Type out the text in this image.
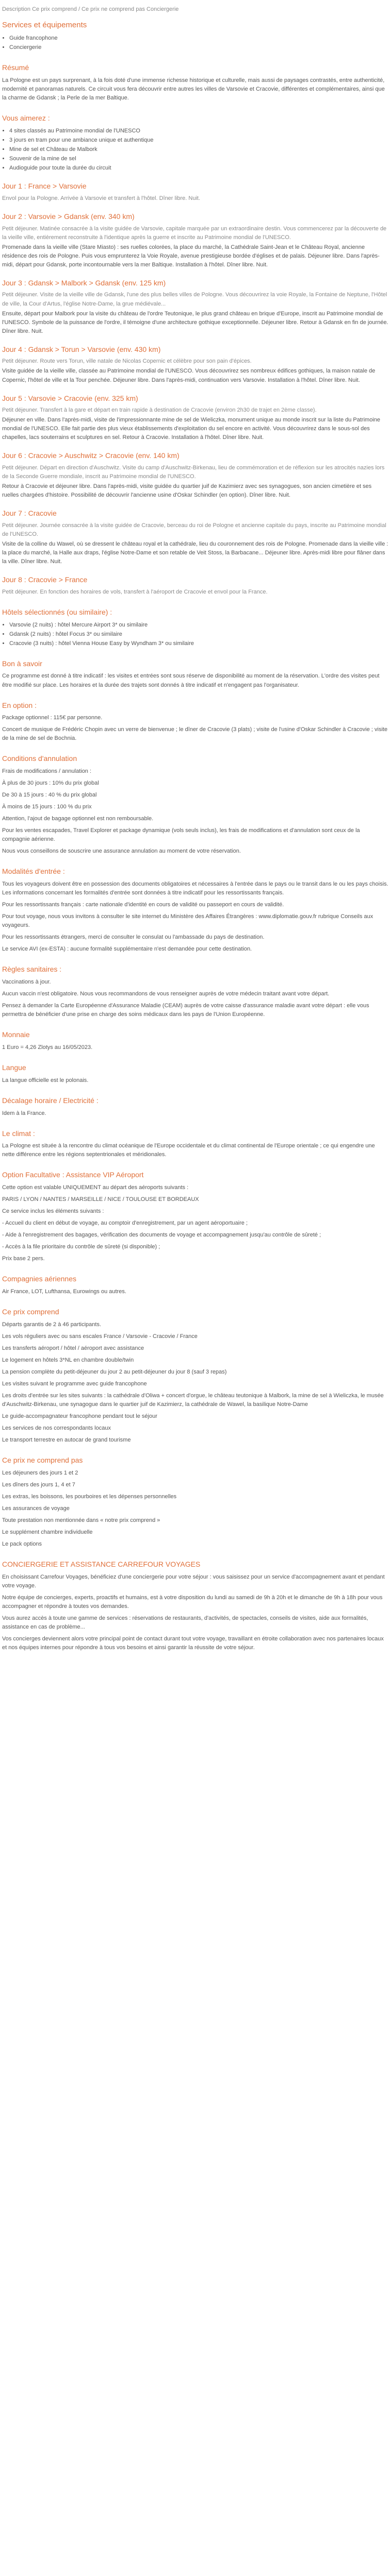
Description Ce prix comprend / Ce prix ne comprend pas Conciergerie
Services et équipements
• Guide francophone
• Conciergerie
Résumé

La Pologne est un pays surprenant, à la fois doté d'une immense richesse historique et culturelle, mais aussi de paysages contrastés, entre authenticité, modernité et panoramas naturels. Ce circuit vous fera découvrir entre autres les villes de Varsovie et Cracovie, différentes et complémentaires, ainsi que la charme de Gdansk ; la Perle de la mer Baltique.

Vous aimerez :
• 4 sites classés au Patrimoine mondial de l'UNESCO
• 3 jours en tram pour une ambiance unique et authentique
• Mine de sel et Château de Malbork
• Souvenir de la mine de sel
• Audioguide pour toute la durée du circuit
Jour 1 : France > Varsovie

Envol pour la Pologne. Arrivée à Varsovie et transfert à l'hôtel. Dîner libre. Nuit.

Jour 2 : Varsovie > Gdansk (env. 340 km)

Petit déjeuner. Matinée consacrée à la visite guidée de Varsovie, capitale marquée par un extraordinaire destin. Vous commencerez par la découverte de la vieille ville, entièrement reconstruite à l'identique après la guerre et inscrite au Patrimoine mondial de l'UNESCO.

Promenade dans la vieille ville (Stare Miasto) : ses ruelles colorées, la place du marché, la Cathédrale Saint-Jean et le Château Royal, ancienne résidence des rois de Pologne. Puis vous emprunterez la Voie Royale, avenue prestigieuse bordée d'églises et de palais. Déjeuner libre. Dans l'après-midi, départ pour Gdansk, porte incontournable vers la mer Baltique. Installation à l'hôtel. Dîner libre. Nuit.

Jour 3 : Gdansk > Malbork > Gdansk (env. 125 km)

Petit déjeuner. Visite de la vieille ville de Gdansk, l'une des plus belles villes de Pologne. Vous découvrirez la voie Royale, la Fontaine de Neptune, l'Hôtel de ville, la Cour d'Artus, l'église Notre-Dame, la grue médiévale...

Ensuite, départ pour Malbork pour la visite du château de l'ordre Teutonique, le plus grand château en brique d'Europe, inscrit au Patrimoine mondial de l'UNESCO. Symbole de la puissance de l'ordre, il témoigne d'une architecture gothique exceptionnelle. Déjeuner libre. Retour à Gdansk en fin de journée. Dîner libre. Nuit.

Jour 4 : Gdansk > Torun > Varsovie (env. 430 km)

Petit déjeuner. Route vers Torun, ville natale de Nicolas Copernic et célèbre pour son pain d'épices.

Visite guidée de la vieille ville, classée au Patrimoine mondial de l'UNESCO. Vous découvrirez ses nombreux édifices gothiques, la maison natale de Copernic, l'hôtel de ville et la Tour penchée. Déjeuner libre. Dans l'après-midi, continuation vers Varsovie. Installation à l'hôtel. Dîner libre. Nuit.

Jour 5 : Varsovie > Cracovie (env. 325 km)

Petit déjeuner. Transfert à la gare et départ en train rapide à destination de Cracovie (environ 2h30 de trajet en 2ème classe).

Déjeuner en ville. Dans l'après-midi, visite de l'impressionnante mine de sel de Wieliczka, monument unique au monde inscrit sur la liste du Patrimoine mondial de l'UNESCO. Elle fait partie des plus vieux établissements d'exploitation du sel encore en activité. Vous découvrirez dans le sous-sol des chapelles, lacs souterrains et sculptures en sel. Retour à Cracovie. Installation à l'hôtel. Dîner libre. Nuit.

Jour 6 : Cracovie > Auschwitz > Cracovie (env. 140 km)

Petit déjeuner. Départ en direction d'Auschwitz. Visite du camp d'Auschwitz-Birkenau, lieu de commémoration et de réflexion sur les atrocités nazies lors de la Seconde Guerre mondiale, inscrit au Patrimoine mondial de l'UNESCO.

Retour à Cracovie et déjeuner libre. Dans l'après-midi, visite guidée du quartier juif de Kazimierz avec ses synagogues, son ancien cimetière et ses ruelles chargées d'histoire. Possibilité de découvrir l'ancienne usine d'Oskar Schindler (en option). Dîner libre. Nuit.

Jour 7 : Cracovie

Petit déjeuner. Journée consacrée à la visite guidée de Cracovie, berceau du roi de Pologne et ancienne capitale du pays, inscrite au Patrimoine mondial de l'UNESCO.

Visite de la colline du Wawel, où se dressent le château royal et la cathédrale, lieu du couronnement des rois de Pologne. Promenade dans la vieille ville : la place du marché, la Halle aux draps, l'église Notre-Dame et son retable de Veit Stoss, la Barbacane... Déjeuner libre. Après-midi libre pour flâner dans la ville. Dîner libre. Nuit.

Jour 8 : Cracovie > France

Petit déjeuner. En fonction des horaires de vols, transfert à l'aéroport de Cracovie et envol pour la France.

Hôtels sélectionnés (ou similaire) :
• Varsovie (2 nuits) : hôtel Mercure Airport 3* ou similaire
• Gdansk (2 nuits) : hôtel Focus 3* ou similaire
• Cracovie (3 nuits) : hôtel Vienna House Easy by Wyndham 3* ou similaire
Bon à savoir

Ce programme est donné à titre indicatif : les visites et entrées sont sous réserve de disponibilité au moment de la réservation. L'ordre des visites peut être modifié sur place. Les horaires et la durée des trajets sont donnés à titre indicatif et n'engagent pas l'organisateur.

En option :

Package optionnel : 115€ par personne.

Concert de musique de Frédéric Chopin avec un verre de bienvenue ; le dîner de Cracovie (3 plats) ; visite de l'usine d'Oskar Schindler à Cracovie ; visite de la mine de sel de Bochnia.

Conditions d'annulation

Frais de modifications / annulation :

À plus de 30 jours : 10% du prix global

De 30 à 15 jours : 40 % du prix global

À moins de 15 jours : 100 % du prix

Attention, l'ajout de bagage optionnel est non remboursable.

Pour les ventes escapades, Travel Explorer et package dynamique (vols seuls inclus), les frais de modifications et d'annulation sont ceux de la compagnie aérienne.

Nous vous conseillons de souscrire une assurance annulation au moment de votre réservation.

Modalités d'entrée :

Tous les voyageurs doivent être en possession des documents obligatoires et nécessaires à l'entrée dans le pays ou le transit dans le ou les pays choisis. Les informations concernant les formalités d'entrée sont données à titre indicatif pour les ressortissants français.

Pour les ressortissants français : carte nationale d'identité en cours de validité ou passeport en cours de validité.

Pour tout voyage, nous vous invitons à consulter le site internet du Ministère des Affaires Étrangères : www.diplomatie.gouv.fr rubrique Conseils aux voyageurs.

Pour les ressortissants étrangers, merci de consulter le consulat ou l'ambassade du pays de destination.

Le service AVI (ex-ESTA) : aucune formalité supplémentaire n'est demandée pour cette destination.

Règles sanitaires :

Vaccinations à jour.

Aucun vaccin n'est obligatoire. Nous vous recommandons de vous renseigner auprès de votre médecin traitant avant votre départ.

Pensez à demander la Carte Européenne d'Assurance Maladie (CEAM) auprès de votre caisse d'assurance maladie avant votre départ : elle vous permettra de bénéficier d'une prise en charge des soins médicaux dans les pays de l'Union Européenne.

Monnaie

1 Euro = 4,26 Zlotys au 16/05/2023.

Langue

La langue officielle est le polonais.

Décalage horaire / Electricité :

Idem à la France.

Le climat :

La Pologne est située à la rencontre du climat océanique de l'Europe occidentale et du climat continental de l'Europe orientale ; ce qui engendre une nette différence entre les régions septentrionales et méridionales.

Option Facultative : Assistance VIP Aéroport

Cette option est valable UNIQUEMENT au départ des aéroports suivants :

PARIS / LYON / NANTES / MARSEILLE / NICE / TOULOUSE ET BORDEAUX

Ce service inclus les éléments suivants :

- Accueil du client en début de voyage, au comptoir d'enregistrement, par un agent aéroportuaire ;

- Aide à l'enregistrement des bagages, vérification des documents de voyage et accompagnement jusqu'au contrôle de sûreté ;

- Accès à la file prioritaire du contrôle de sûreté (si disponible) ;

Prix base 2 pers.

Compagnies aériennes

Air France, LOT, Lufthansa, Eurowings ou autres.

Ce prix comprend

Départs garantis de 2 à 46 participants.

Les vols réguliers avec ou sans escales France / Varsovie - Cracovie / France

Les transferts aéroport / hôtel / aéroport avec assistance

Le logement en hôtels 3*NL en chambre double/twin

La pension complète du petit-déjeuner du jour 2 au petit-déjeuner du jour 8 (sauf 3 repas)

Les visites suivant le programme avec guide francophone

Les droits d'entrée sur les sites suivants : la cathédrale d'Oliwa + concert d'orgue, le château teutonique à Malbork, la mine de sel à Wieliczka, le musée d'Auschwitz-Birkenau, une synagogue dans le quartier juif de Kazimierz, la cathédrale de Wawel, la basilique Notre-Dame

Le guide-accompagnateur francophone pendant tout le séjour

Les services de nos correspondants locaux

Le transport terrestre en autocar de grand tourisme

Ce prix ne comprend pas

Les déjeuners des jours 1 et 2

Les dîners des jours 1, 4 et 7

Les extras, les boissons, les pourboires et les dépenses personnelles

Les assurances de voyage

Toute prestation non mentionnée dans « notre prix comprend »

Le supplément chambre individuelle

Le pack options

CONCIERGERIE ET ASSISTANCE CARREFOUR VOYAGES

En choisissant Carrefour Voyages, bénéficiez d'une conciergerie pour votre séjour : vous saisissez pour un service d'accompagnement avant et pendant votre voyage.

Notre équipe de concierges, experts, proactifs et humains, est à votre disposition du lundi au samedi de 9h à 20h et le dimanche de 9h à 18h pour vous accompagner et répondre à toutes vos demandes.

Vous aurez accès à toute une gamme de services : réservations de restaurants, d'activités, de spectacles, conseils de visites, aide aux formalités, assistance en cas de problème...

Vos concierges deviennent alors votre principal point de contact durant tout votre voyage, travaillant en étroite collaboration avec nos partenaires locaux et nos équipes internes pour répondre à tous vos besoins et ainsi garantir la réussite de votre séjour.
